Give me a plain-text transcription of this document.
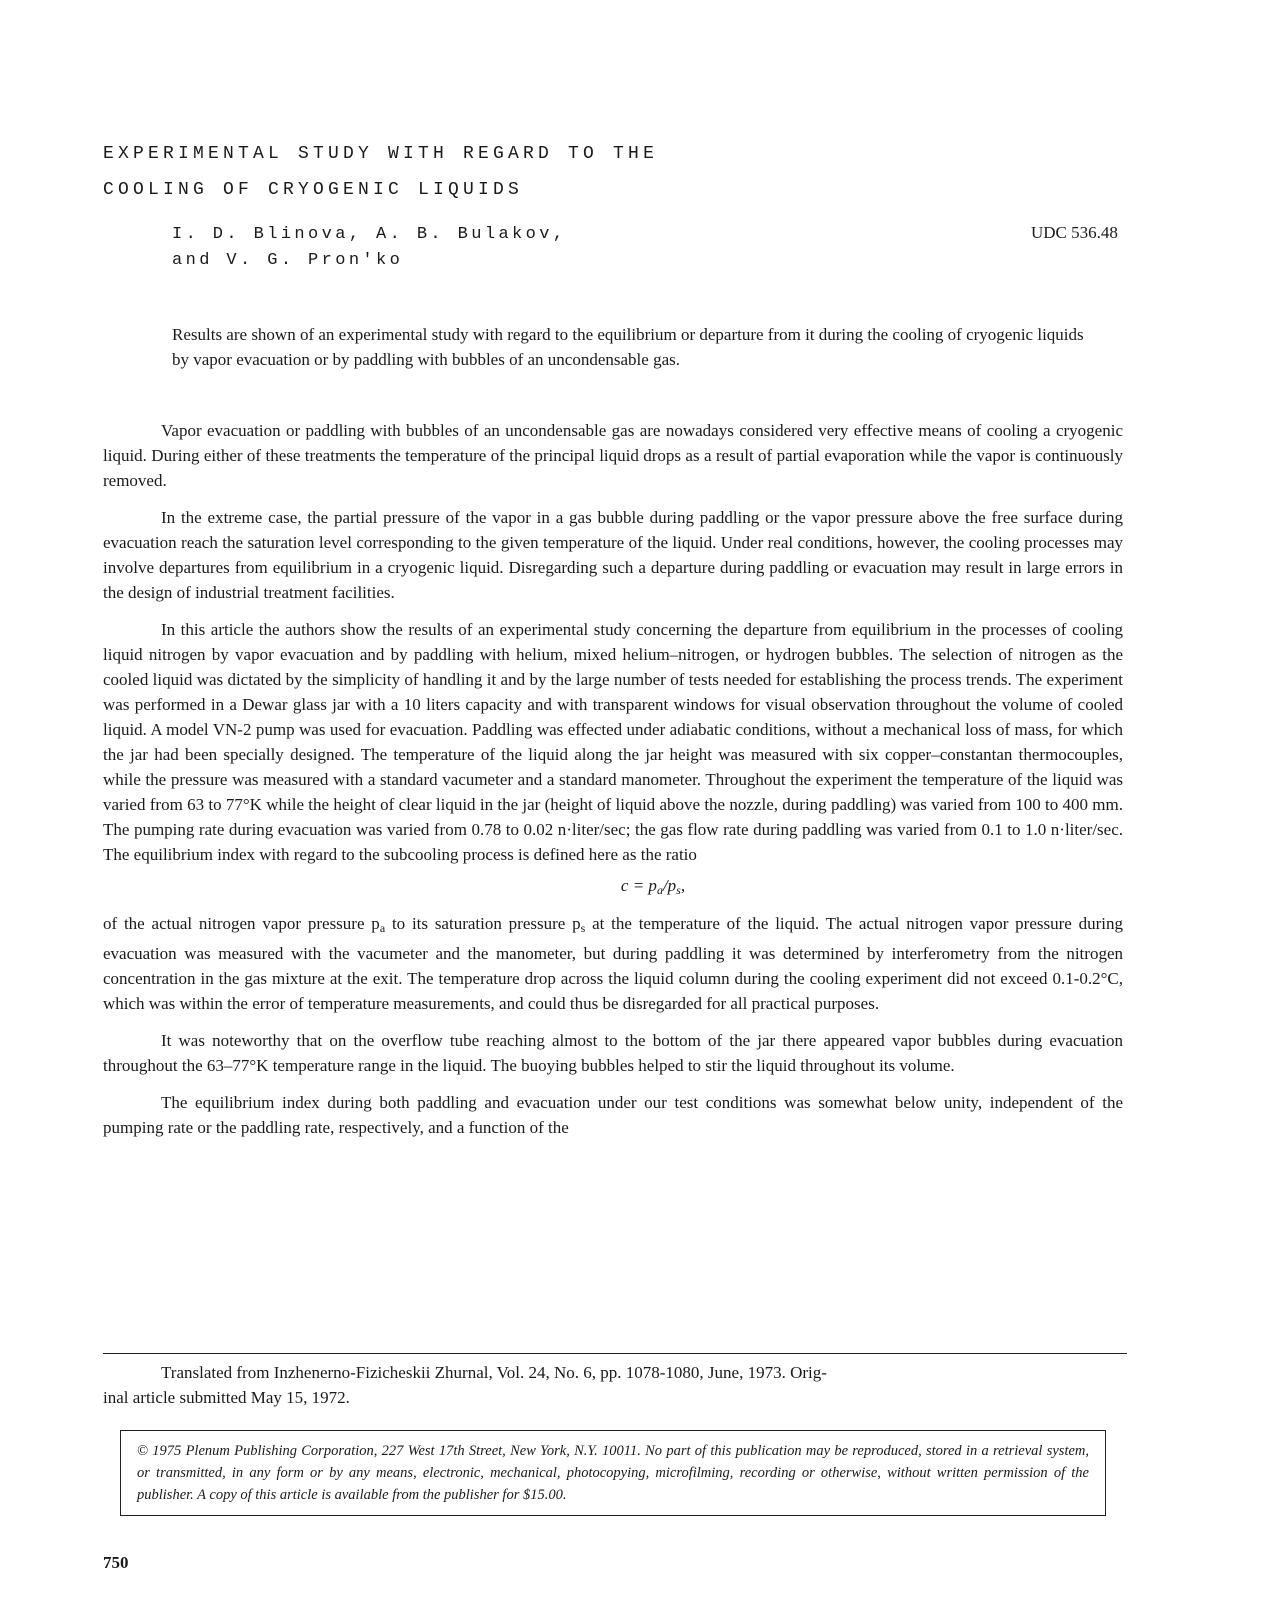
EXPERIMENTAL STUDY WITH REGARD TO THE
COOLING OF CRYOGENIC LIQUIDS
I. D. Blinova, A. B. Bulakov,
and V. G. Pron'ko
UDC 536.48
Results are shown of an experimental study with regard to the equilibrium or departure from it during the cooling of cryogenic liquids by vapor evacuation or by paddling with bubbles of an uncondensable gas.

Vapor evacuation or paddling with bubbles of an uncondensable gas are nowadays considered very effective means of cooling a cryogenic liquid. During either of these treatments the temperature of the principal liquid drops as a result of partial evaporation while the vapor is continuously removed.

In the extreme case, the partial pressure of the vapor in a gas bubble during paddling or the vapor pressure above the free surface during evacuation reach the saturation level corresponding to the given temperature of the liquid. Under real conditions, however, the cooling processes may involve departures from equilibrium in a cryogenic liquid. Disregarding such a departure during paddling or evacuation may result in large errors in the design of industrial treatment facilities.

In this article the authors show the results of an experimental study concerning the departure from equilibrium in the processes of cooling liquid nitrogen by vapor evacuation and by paddling with helium, mixed helium–nitrogen, or hydrogen bubbles. The selection of nitrogen as the cooled liquid was dictated by the simplicity of handling it and by the large number of tests needed for establishing the process trends. The experiment was performed in a Dewar glass jar with a 10 liters capacity and with transparent windows for visual observation throughout the volume of cooled liquid. A model VN-2 pump was used for evacuation. Paddling was effected under adiabatic conditions, without a mechanical loss of mass, for which the jar had been specially designed. The temperature of the liquid along the jar height was measured with six copper–constantan thermocouples, while the pressure was measured with a standard vacumeter and a standard manometer. Throughout the experiment the temperature of the liquid was varied from 63 to 77°K while the height of clear liquid in the jar (height of liquid above the nozzle, during paddling) was varied from 100 to 400 mm. The pumping rate during evacuation was varied from 0.78 to 0.02 n·liter/sec; the gas flow rate during paddling was varied from 0.1 to 1.0 n·liter/sec. The equilibrium index with regard to the subcooling process is defined here as the ratio

$c = p_a/p_s$,

of the actual nitrogen vapor pressure $p_a$ to its saturation pressure $p_s$ at the temperature of the liquid. The actual nitrogen vapor pressure during evacuation was measured with the vacumeter and the manometer, but during paddling it was determined by interferometry from the nitrogen concentration in the gas mixture at the exit. The temperature drop across the liquid column during the cooling experiment did not exceed 0.1-0.2°C, which was within the error of temperature measurements, and could thus be disregarded for all practical purposes.

It was noteworthy that on the overflow tube reaching almost to the bottom of the jar there appeared vapor bubbles during evacuation throughout the 63–77°K temperature range in the liquid. The buoying bubbles helped to stir the liquid throughout its volume.

The equilibrium index during both paddling and evacuation under our test conditions was somewhat below unity, independent of the pumping rate or the paddling rate, respectively, and a function of the

Translated from Inzhenerno-Fizicheskii Zhurnal, Vol. 24, No. 6, pp. 1078-1080, June, 1973. Orig-
inal article submitted May 15, 1972.
© 1975 Plenum Publishing Corporation, 227 West 17th Street, New York, N.Y. 10011. No part of this publication may be reproduced, stored in a retrieval system, or transmitted, in any form or by any means, electronic, mechanical, photocopying, microfilming, recording or otherwise, without written permission of the publisher. A copy of this article is available from the publisher for $15.00.
750
